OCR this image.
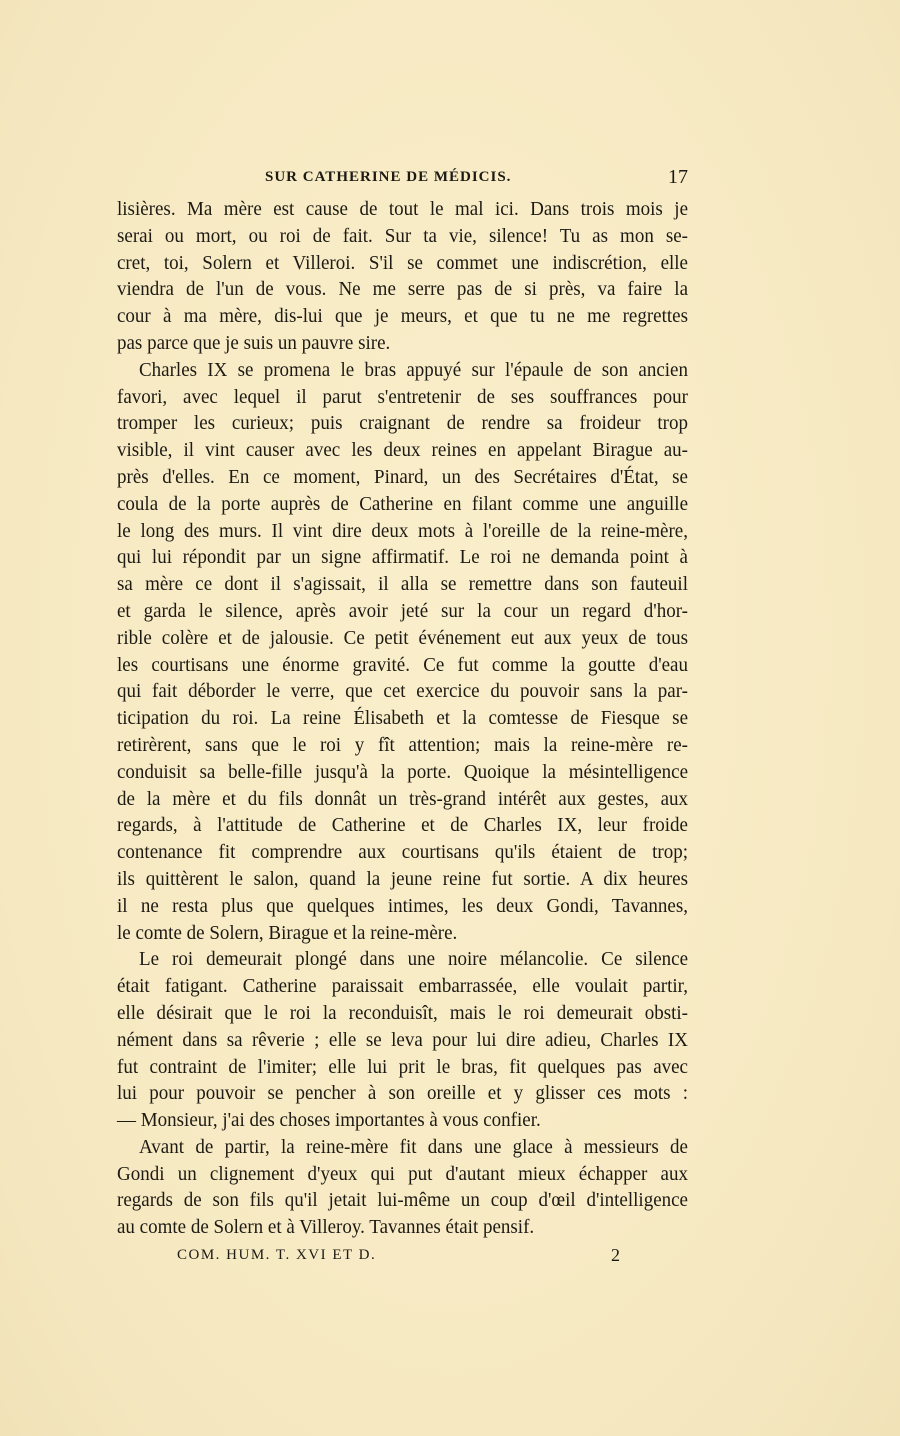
SUR CATHERINE DE MÉDICIS.	17
lisières. Ma mère est cause de tout le mal ici. Dans trois mois je
serai ou mort, ou roi de fait. Sur ta vie, silence! Tu as mon se-
cret, toi, Solern et Villeroi. S'il se commet une indiscrétion, elle
viendra de l'un de vous. Ne me serre pas de si près, va faire la
cour à ma mère, dis-lui que je meurs, et que tu ne me regrettes
pas parce que je suis un pauvre sire.
Charles IX se promena le bras appuyé sur l'épaule de son ancien
favori, avec lequel il parut s'entretenir de ses souffrances pour
tromper les curieux; puis craignant de rendre sa froideur trop
visible, il vint causer avec les deux reines en appelant Birague au-
près d'elles. En ce moment, Pinard, un des Secrétaires d'État, se
coula de la porte auprès de Catherine en filant comme une anguille
le long des murs. Il vint dire deux mots à l'oreille de la reine-mère,
qui lui répondit par un signe affirmatif. Le roi ne demanda point à
sa mère ce dont il s'agissait, il alla se remettre dans son fauteuil
et garda le silence, après avoir jeté sur la cour un regard d'hor-
rible colère et de jalousie. Ce petit événement eut aux yeux de tous
les courtisans une énorme gravité. Ce fut comme la goutte d'eau
qui fait déborder le verre, que cet exercice du pouvoir sans la par-
ticipation du roi. La reine Élisabeth et la comtesse de Fiesque se
retirèrent, sans que le roi y fît attention; mais la reine-mère re-
conduisit sa belle-fille jusqu'à la porte. Quoique la mésintelligence
de la mère et du fils donnât un très-grand intérêt aux gestes, aux
regards, à l'attitude de Catherine et de Charles IX, leur froide
contenance fit comprendre aux courtisans qu'ils étaient de trop;
ils quittèrent le salon, quand la jeune reine fut sortie. A dix heures
il ne resta plus que quelques intimes, les deux Gondi, Tavannes,
le comte de Solern, Birague et la reine-mère.
Le roi demeurait plongé dans une noire mélancolie. Ce silence
était fatigant. Catherine paraissait embarrassée, elle voulait partir,
elle désirait que le roi la reconduisît, mais le roi demeurait obsti-
nément dans sa rêverie ; elle se leva pour lui dire adieu, Charles IX
fut contraint de l'imiter; elle lui prit le bras, fit quelques pas avec
lui pour pouvoir se pencher à son oreille et y glisser ces mots :
— Monsieur, j'ai des choses importantes à vous confier.
Avant de partir, la reine-mère fit dans une glace à messieurs de
Gondi un clignement d'yeux qui put d'autant mieux échapper aux
regards de son fils qu'il jetait lui-même un coup d'œil d'intelligence
au comte de Solern et à Villeroy. Tavannes était pensif.
COM. HUM. T. XVI ET D.	2
